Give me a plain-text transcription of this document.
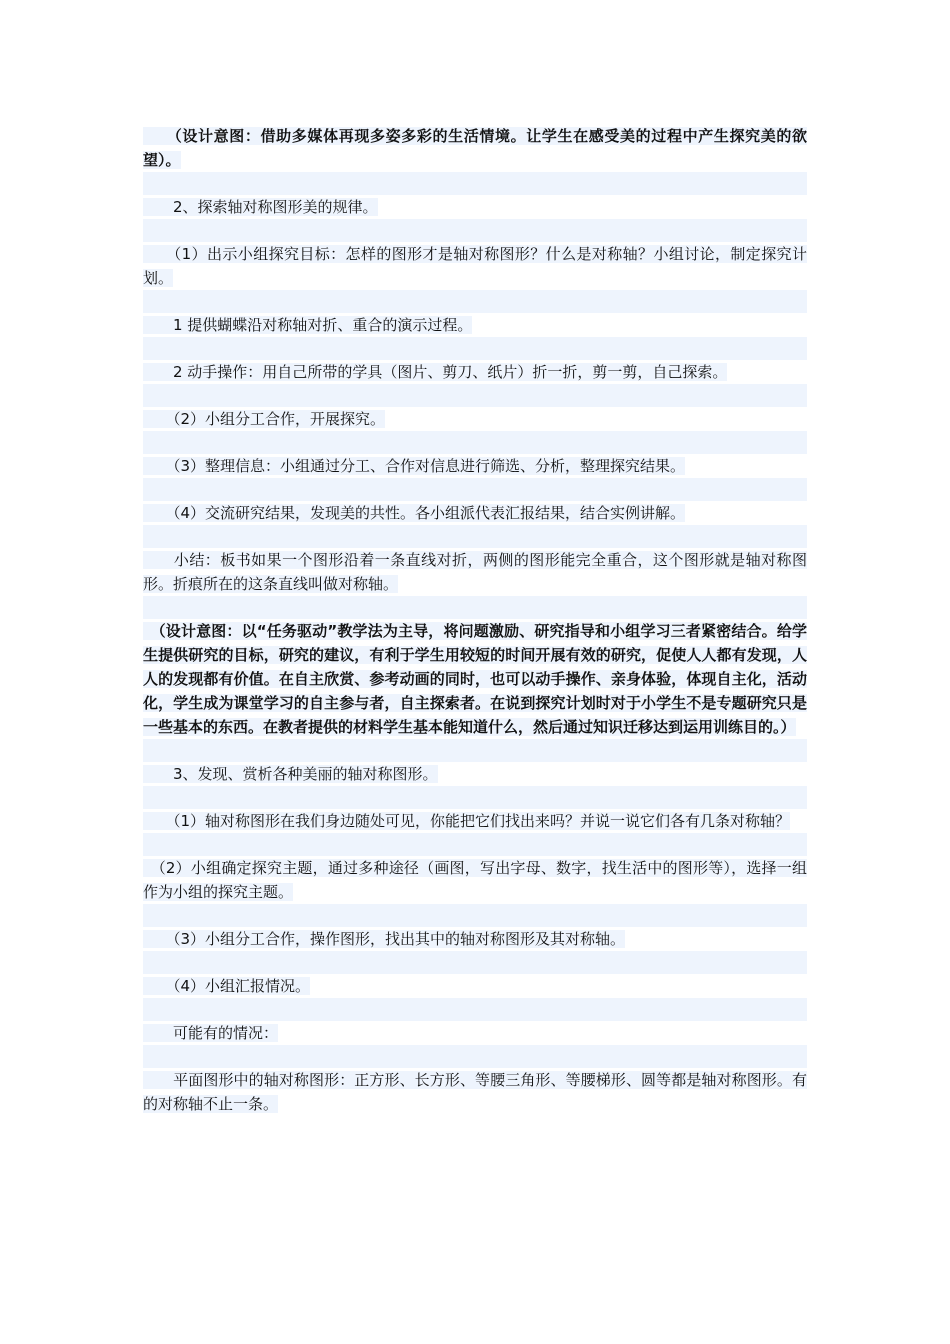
　　（设计意图：借助多媒体再现多姿多彩的生活情境。让学生在感受美的过程中产生探究美的欲望）。

　　2、探索轴对称图形美的规律。

　　（1）出示小组探究目标：怎样的图形才是轴对称图形？什么是对称轴？小组讨论，制定探究计划。

　　1 提供蝴蝶沿对称轴对折、重合的演示过程。

　　2 动手操作：用自己所带的学具（图片、剪刀、纸片）折一折，剪一剪，自己探索。

　　（2）小组分工合作，开展探究。

　　（3）整理信息：小组通过分工、合作对信息进行筛选、分析，整理探究结果。

　　（4）交流研究结果，发现美的共性。各小组派代表汇报结果，结合实例讲解。

　　小结：板书如果一个图形沿着一条直线对折，两侧的图形能完全重合，这个图形就是轴对称图形。折痕所在的这条直线叫做对称轴。

　（设计意图：以“任务驱动”教学法为主导，将问题激励、研究指导和小组学习三者紧密结合。给学生提供研究的目标，研究的建议，有利于学生用较短的时间开展有效的研究，促使人人都有发现，人人的发现都有价值。在自主欣赏、参考动画的同时，也可以动手操作、亲身体验，体现自主化，活动化，学生成为课堂学习的自主参与者，自主探索者。在说到探究计划时对于小学生不是专题研究只是一些基本的东西。在教者提供的材料学生基本能知道什么，然后通过知识迁移达到运用训练目的。）

　　3、发现、赏析各种美丽的轴对称图形。

　　（1）轴对称图形在我们身边随处可见，你能把它们找出来吗？并说一说它们各有几条对称轴？

　（2）小组确定探究主题，通过多种途径（画图，写出字母、数字，找生活中的图形等），选择一组作为小组的探究主题。

　　（3）小组分工合作，操作图形，找出其中的轴对称图形及其对称轴。

　　（4）小组汇报情况。

　　可能有的情况：

　　平面图形中的轴对称图形：正方形、长方形、等腰三角形、等腰梯形、圆等都是轴对称图形。有的对称轴不止一条。
